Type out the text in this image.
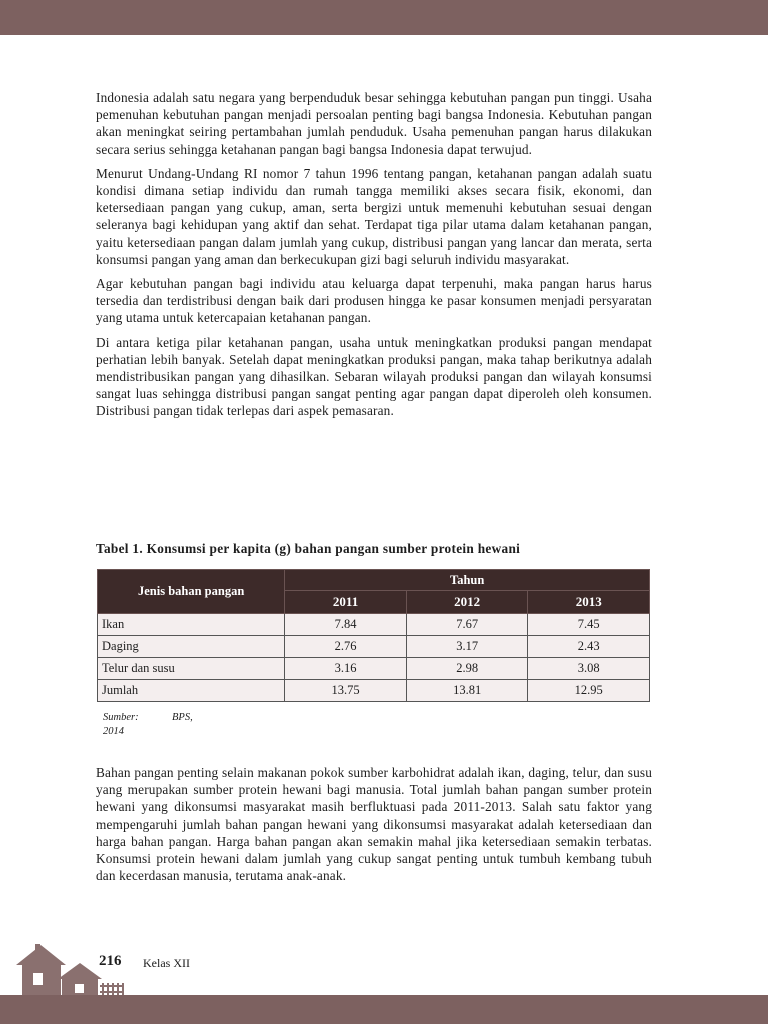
Indonesia adalah satu negara yang berpenduduk besar sehingga kebutuhan pangan pun tinggi. Usaha pemenuhan kebutuhan pangan menjadi persoalan penting bagi bangsa Indonesia. Kebutuhan pangan akan meningkat seiring pertambahan jumlah penduduk. Usaha pemenuhan pangan harus dilakukan secara serius sehingga ketahanan pangan bagi bangsa Indonesia dapat terwujud.

Menurut Undang-Undang RI nomor 7 tahun 1996 tentang pangan, ketahanan pangan adalah suatu kondisi dimana setiap individu dan rumah tangga memiliki akses secara fisik, ekonomi, dan ketersediaan pangan yang cukup, aman, serta bergizi untuk memenuhi kebutuhan sesuai dengan seleranya bagi kehidupan yang aktif dan sehat. Terdapat tiga pilar utama dalam ketahanan pangan, yaitu ketersediaan pangan dalam jumlah yang cukup, distribusi pangan yang lancar dan merata, serta konsumsi pangan yang aman dan berkecukupan gizi bagi seluruh individu masyarakat.

Agar kebutuhan pangan bagi individu atau keluarga dapat terpenuhi, maka pangan harus harus tersedia dan terdistribusi dengan baik dari produsen hingga ke pasar konsumen menjadi persyaratan yang utama untuk ketercapaian ketahanan pangan.

Di antara ketiga pilar ketahanan pangan, usaha untuk meningkatkan produksi pangan mendapat perhatian lebih banyak. Setelah dapat meningkatkan produksi pangan, maka tahap berikutnya adalah mendistribusikan pangan yang dihasilkan. Sebaran wilayah produksi pangan dan wilayah konsumsi sangat luas sehingga distribusi pangan sangat penting agar pangan dapat diperoleh oleh konsumen. Distribusi pangan tidak terlepas dari aspek pemasaran.

Tabel 1. Konsumsi per kapita (g) bahan pangan sumber protein hewani
Jenis bahan pangan	Tahun		
	2011	2012	2013
Ikan	7.84	7.67	7.45
Daging	2.76	3.17	2.43
Telur dan susu	3.16	2.98	3.08
Jumlah	13.75	13.81	12.95
Sumber:	BPS,
2014

Bahan pangan penting selain makanan pokok sumber karbohidrat adalah ikan, daging, telur, dan susu yang merupakan sumber protein hewani bagi manusia. Total jumlah bahan pangan sumber protein hewani yang dikonsumsi masyarakat masih berfluktuasi pada 2011-2013. Salah satu faktor yang mempengaruhi jumlah bahan pangan hewani yang dikonsumsi masyarakat adalah ketersediaan dan harga bahan pangan. Harga bahan pangan akan semakin mahal jika ketersediaan semakin terbatas. Konsumsi protein hewani dalam jumlah yang cukup sangat penting untuk tumbuh kembang tubuh dan kecerdasan manusia, terutama anak-anak.

216 Kelas XII
